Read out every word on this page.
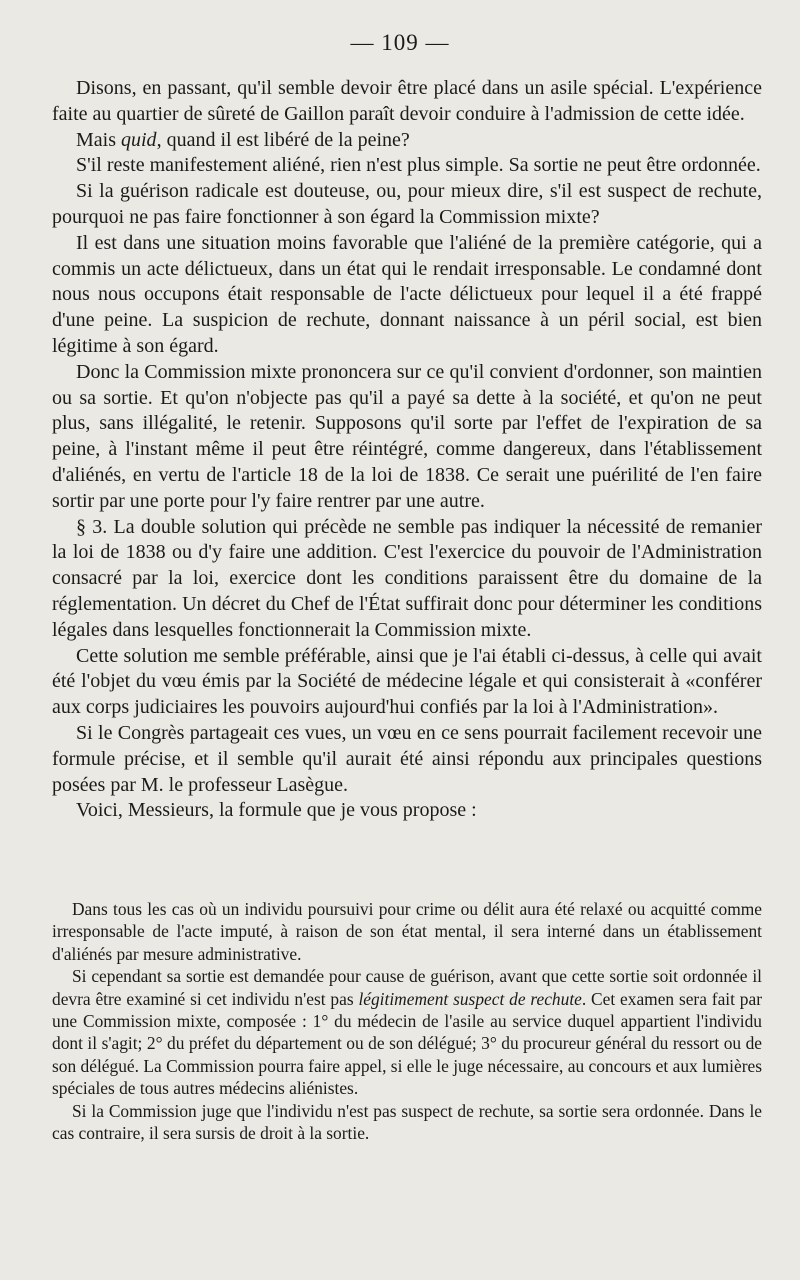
— 109 —

Disons, en passant, qu'il semble devoir être placé dans un asile spécial. L'expérience faite au quartier de sûreté de Gaillon paraît devoir conduire à l'admission de cette idée.

Mais quid, quand il est libéré de la peine?

S'il reste manifestement aliéné, rien n'est plus simple. Sa sortie ne peut être ordonnée.

Si la guérison radicale est douteuse, ou, pour mieux dire, s'il est suspect de rechute, pourquoi ne pas faire fonctionner à son égard la Commission mixte?

Il est dans une situation moins favorable que l'aliéné de la première catégorie, qui a commis un acte délictueux, dans un état qui le rendait irresponsable. Le condamné dont nous nous occupons était responsable de l'acte délictueux pour lequel il a été frappé d'une peine. La suspicion de rechute, donnant naissance à un péril social, est bien légitime à son égard.

Donc la Commission mixte prononcera sur ce qu'il convient d'ordonner, son maintien ou sa sortie. Et qu'on n'objecte pas qu'il a payé sa dette à la société, et qu'on ne peut plus, sans illégalité, le retenir. Supposons qu'il sorte par l'effet de l'expiration de sa peine, à l'instant même il peut être réintégré, comme dangereux, dans l'établissement d'aliénés, en vertu de l'article 18 de la loi de 1838. Ce serait une puérilité de l'en faire sortir par une porte pour l'y faire rentrer par une autre.

§ 3. La double solution qui précède ne semble pas indiquer la nécessité de remanier la loi de 1838 ou d'y faire une addition. C'est l'exercice du pouvoir de l'Administration consacré par la loi, exercice dont les conditions paraissent être du domaine de la réglementation. Un décret du Chef de l'État suffirait donc pour déterminer les conditions légales dans lesquelles fonctionnerait la Commission mixte.

Cette solution me semble préférable, ainsi que je l'ai établi ci-dessus, à celle qui avait été l'objet du vœu émis par la Société de médecine légale et qui consisterait à «conférer aux corps judiciaires les pouvoirs aujourd'hui confiés par la loi à l'Administration».

Si le Congrès partageait ces vues, un vœu en ce sens pourrait facilement recevoir une formule précise, et il semble qu'il aurait été ainsi répondu aux principales questions posées par M. le professeur Lasègue.

Voici, Messieurs, la formule que je vous propose :

Dans tous les cas où un individu poursuivi pour crime ou délit aura été relaxé ou acquitté comme irresponsable de l'acte imputé, à raison de son état mental, il sera interné dans un établissement d'aliénés par mesure administrative.

Si cependant sa sortie est demandée pour cause de guérison, avant que cette sortie soit ordonnée il devra être examiné si cet individu n'est pas légitimement suspect de rechute. Cet examen sera fait par une Commission mixte, composée : 1° du médecin de l'asile au service duquel appartient l'individu dont il s'agit; 2° du préfet du département ou de son délégué; 3° du procureur général du ressort ou de son délégué. La Commission pourra faire appel, si elle le juge nécessaire, au concours et aux lumières spéciales de tous autres médecins aliénistes.

Si la Commission juge que l'individu n'est pas suspect de rechute, sa sortie sera ordonnée. Dans le cas contraire, il sera sursis de droit à la sortie.
